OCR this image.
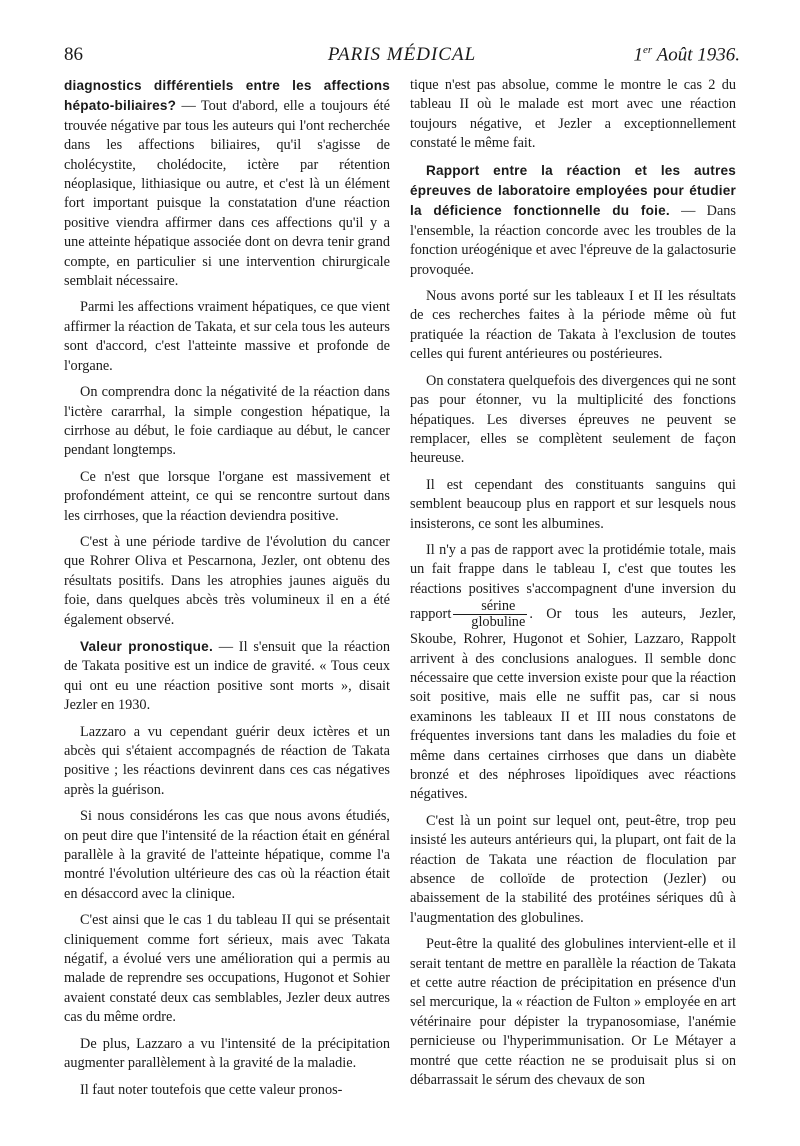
86	PARIS MÉDICAL	1er Août 1936.

diagnostics différentiels entre les affections hépato-biliaires? — Tout d'abord, elle a toujours été trouvée négative par tous les auteurs qui l'ont recherchée dans les affections biliaires, qu'il s'agisse de cholécystite, cholédocite, ictère par rétention néoplasique, lithiasique ou autre, et c'est là un élément fort important puisque la constatation d'une réaction positive viendra affirmer dans ces affections qu'il y a une atteinte hépatique associée dont on devra tenir grand compte, en particulier si une intervention chirurgicale semblait nécessaire.

Parmi les affections vraiment hépatiques, ce que vient affirmer la réaction de Takata, et sur cela tous les auteurs sont d'accord, c'est l'atteinte massive et profonde de l'organe.

On comprendra donc la négativité de la réaction dans l'ictère cararrhal, la simple congestion hépatique, la cirrhose au début, le foie cardiaque au début, le cancer pendant longtemps.

Ce n'est que lorsque l'organe est massivement et profondément atteint, ce qui se rencontre surtout dans les cirrhoses, que la réaction deviendra positive.

C'est à une période tardive de l'évolution du cancer que Rohrer Oliva et Pescarnona, Jezler, ont obtenu des résultats positifs. Dans les atrophies jaunes aiguës du foie, dans quelques abcès très volumineux il en a été également observé.

Valeur pronostique. — Il s'ensuit que la réaction de Takata positive est un indice de gravité. « Tous ceux qui ont eu une réaction positive sont morts », disait Jezler en 1930.

Lazzaro a vu cependant guérir deux ictères et un abcès qui s'étaient accompagnés de réaction de Takata positive ; les réactions devinrent dans ces cas négatives après la guérison.

Si nous considérons les cas que nous avons étudiés, on peut dire que l'intensité de la réaction était en général parallèle à la gravité de l'atteinte hépatique, comme l'a montré l'évolution ultérieure des cas où la réaction était en désaccord avec la clinique.

C'est ainsi que le cas 1 du tableau II qui se présentait cliniquement comme fort sérieux, mais avec Takata négatif, a évolué vers une amélioration qui a permis au malade de reprendre ses occupations, Hugonot et Sohier avaient constaté deux cas semblables, Jezler deux autres cas du même ordre.

De plus, Lazzaro a vu l'intensité de la précipitation augmenter parallèlement à la gravité de la maladie.

Il faut noter toutefois que cette valeur pronos-

tique n'est pas absolue, comme le montre le cas 2 du tableau II où le malade est mort avec une réaction toujours négative, et Jezler a exceptionnellement constaté le même fait.

Rapport entre la réaction et les autres épreuves de laboratoire employées pour étudier la déficience fonctionnelle du foie. — Dans l'ensemble, la réaction concorde avec les troubles de la fonction uréogénique et avec l'épreuve de la galactosurie provoquée.

Nous avons porté sur les tableaux I et II les résultats de ces recherches faites à la période même où fut pratiquée la réaction de Takata à l'exclusion de toutes celles qui furent antérieures ou postérieures.

On constatera quelquefois des divergences qui ne sont pas pour étonner, vu la multiplicité des fonctions hépatiques. Les diverses épreuves ne peuvent se remplacer, elles se complètent seulement de façon heureuse.

Il est cependant des constituants sanguins qui semblent beaucoup plus en rapport et sur lesquels nous insisterons, ce sont les albumines.

Il n'y a pas de rapport avec la protidémie totale, mais un fait frappe dans le tableau I, c'est que toutes les réactions positives s'accompagnent d'une inversion du rapport $\frac{\text{sérine}}{\text{globuline}}$ . Or tous les auteurs, Jezler, Skoube, Rohrer, Hugonot et Sohier, Lazzaro, Rappolt arrivent à des conclusions analogues. Il semble donc nécessaire que cette inversion existe pour que la réaction soit positive, mais elle ne suffit pas, car si nous examinons les tableaux II et III nous constatons de fréquentes inversions tant dans les maladies du foie et même dans certaines cirrhoses que dans un diabète bronzé et des néphroses lipoïdiques avec réactions négatives.

C'est là un point sur lequel ont, peut-être, trop peu insisté les auteurs antérieurs qui, la plupart, ont fait de la réaction de Takata une réaction de floculation par absence de colloïde de protection (Jezler) ou abaissement de la stabilité des protéines sériques dû à l'augmentation des globulines.

Peut-être la qualité des globulines intervient-elle et il serait tentant de mettre en parallèle la réaction de Takata et cette autre réaction de précipitation en présence d'un sel mercurique, la « réaction de Fulton » employée en art vétérinaire pour dépister la trypanosomiase, l'anémie pernicieuse ou l'hyperimmunisation. Or Le Métayer a montré que cette réaction ne se produisait plus si on débarrassait le sérum des chevaux de son
